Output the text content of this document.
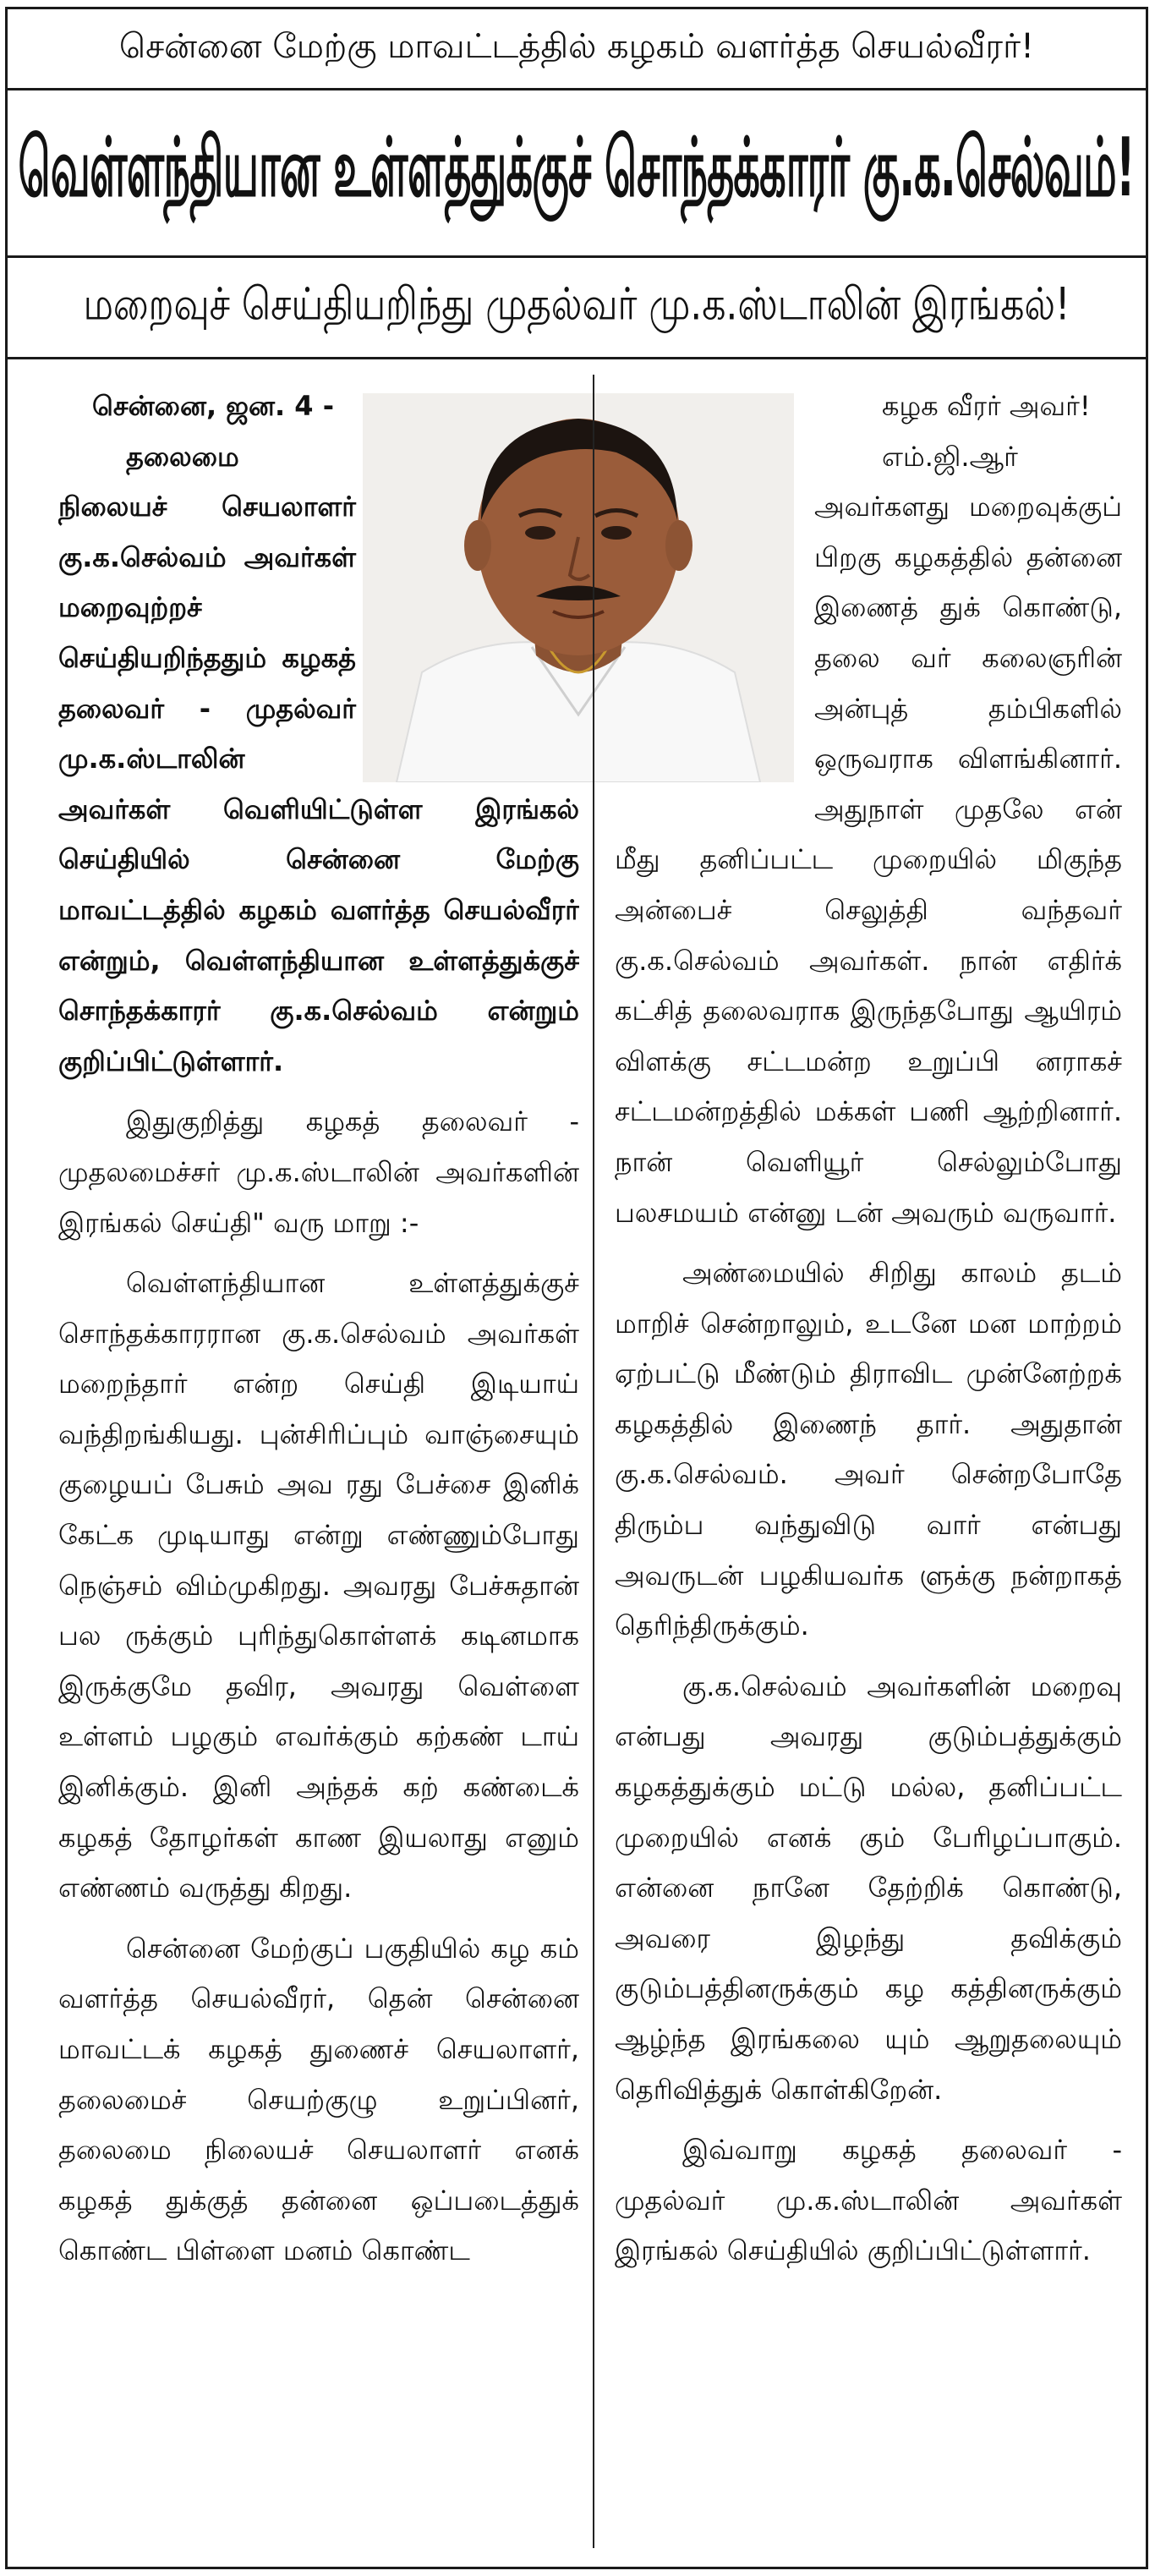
சென்னை மேற்கு மாவட்டத்தில் கழகம் வளர்த்த செயல்வீரர்!
வெள்ளந்தியான உள்ளத்துக்குச் சொந்தக்காரர் கு.க.செல்வம்!
மறைவுச் செய்தியறிந்து முதல்வர் மு.க.ஸ்டாலின் இரங்கல்!

சென்னை, ஜன. 4 -

தலைமை நிலையச் செயலாளர் கு.க.செல்வம் அவர்கள் மறைவுற்றச் செய்தியறிந்ததும் கழகத் தலைவர் - முதல்வர் மு.க.ஸ்டாலின் அவர்கள் வெளியிட்டுள்ள இரங்கல் செய்தியில் சென்னை மேற்கு மாவட்டத்தில் கழகம் வளர்த்த செயல்வீரர் என்றும், வெள்ளந்தியான உள்ளத்துக்குச் சொந்தக்காரர் கு.க.செல்வம் என்றும் குறிப்பிட்டுள்ளார்.

இதுகுறித்து கழகத் தலைவர் - முதலமைச்சர் மு.க.ஸ்டாலின் அவர்களின் இரங்கல் செய்தி" வரு மாறு :-

வெள்ளந்தியான உள்ளத்துக்குச் சொந்தக்காரரான கு.க.செல்வம் அவர்கள் மறைந்தார் என்ற செய்தி இடியாய் வந்திறங்கியது. புன்சிரிப்பும் வாஞ்சையும் குழையப் பேசும் அவ ரது பேச்சை இனிக் கேட்க முடியாது என்று எண்ணும்போது நெஞ்சம் விம்முகிறது. அவரது பேச்சுதான் பல ருக்கும் புரிந்துகொள்ளக் கடினமாக இருக்குமே தவிர, அவரது வெள்ளை உள்ளம் பழகும் எவர்க்கும் கற்கண் டாய் இனிக்கும். இனி அந்தக் கற் கண்டைக் கழகத் தோழர்கள் காண இயலாது எனும் எண்ணம் வருத்து கிறது.

சென்னை மேற்குப் பகுதியில் கழ கம் வளர்த்த செயல்வீரர், தென் சென்னை மாவட்டக் கழகத் துணைச் செயலாளர், தலைமைச் செயற்குழு உறுப்பினர், தலைமை நிலையச் செயலாளர் எனக் கழகத் துக்குத் தன்னை ஒப்படைத்துக் கொண்ட பிள்ளை மனம் கொண்ட

கழக வீரர் அவர்!

எம்.ஜி.ஆர் அவர்களது மறைவுக்குப் பிறகு கழகத்தில் தன்னை இணைத் துக் கொண்டு, தலை வர் கலைஞரின் அன்புத் தம்பிகளில் ஒருவராக விளங்கினார். அதுநாள் முதலே என் மீது தனிப்பட்ட முறையில் மிகுந்த அன்பைச் செலுத்தி வந்தவர் கு.க.செல்வம் அவர்கள். நான் எதிர்க் கட்சித் தலைவராக இருந்தபோது ஆயிரம் விளக்கு சட்டமன்ற உறுப்பி னராகச் சட்டமன்றத்தில் மக்கள் பணி ஆற்றினார். நான் வெளியூர் செல்லும்போது பலசமயம் என்னு டன் அவரும் வருவார்.

அண்மையில் சிறிது காலம் தடம் மாறிச் சென்றாலும், உடனே மன மாற்றம் ஏற்பட்டு மீண்டும் திராவிட முன்னேற்றக் கழகத்தில் இணைந் தார். அதுதான் கு.க.செல்வம். அவர் சென்றபோதே திரும்ப வந்துவிடு வார் என்பது அவருடன் பழகியவர்க ளுக்கு நன்றாகத் தெரிந்திருக்கும்.

கு.க.செல்வம் அவர்களின் மறைவு என்பது அவரது குடும்பத்துக்கும் கழகத்துக்கும் மட்டு மல்ல, தனிப்பட்ட முறையில் எனக் கும் பேரிழப்பாகும். என்னை நானே தேற்றிக் கொண்டு, அவரை இழந்து தவிக்கும் குடும்பத்தினருக்கும் கழ கத்தினருக்கும் ஆழ்ந்த இரங்கலை யும் ஆறுதலையும் தெரிவித்துக் கொள்கிறேன்.

இவ்வாறு கழகத் தலைவர் - முதல்வர் மு.க.ஸ்டாலின் அவர்கள் இரங்கல் செய்தியில் குறிப்பிட்டுள்ளார்.
